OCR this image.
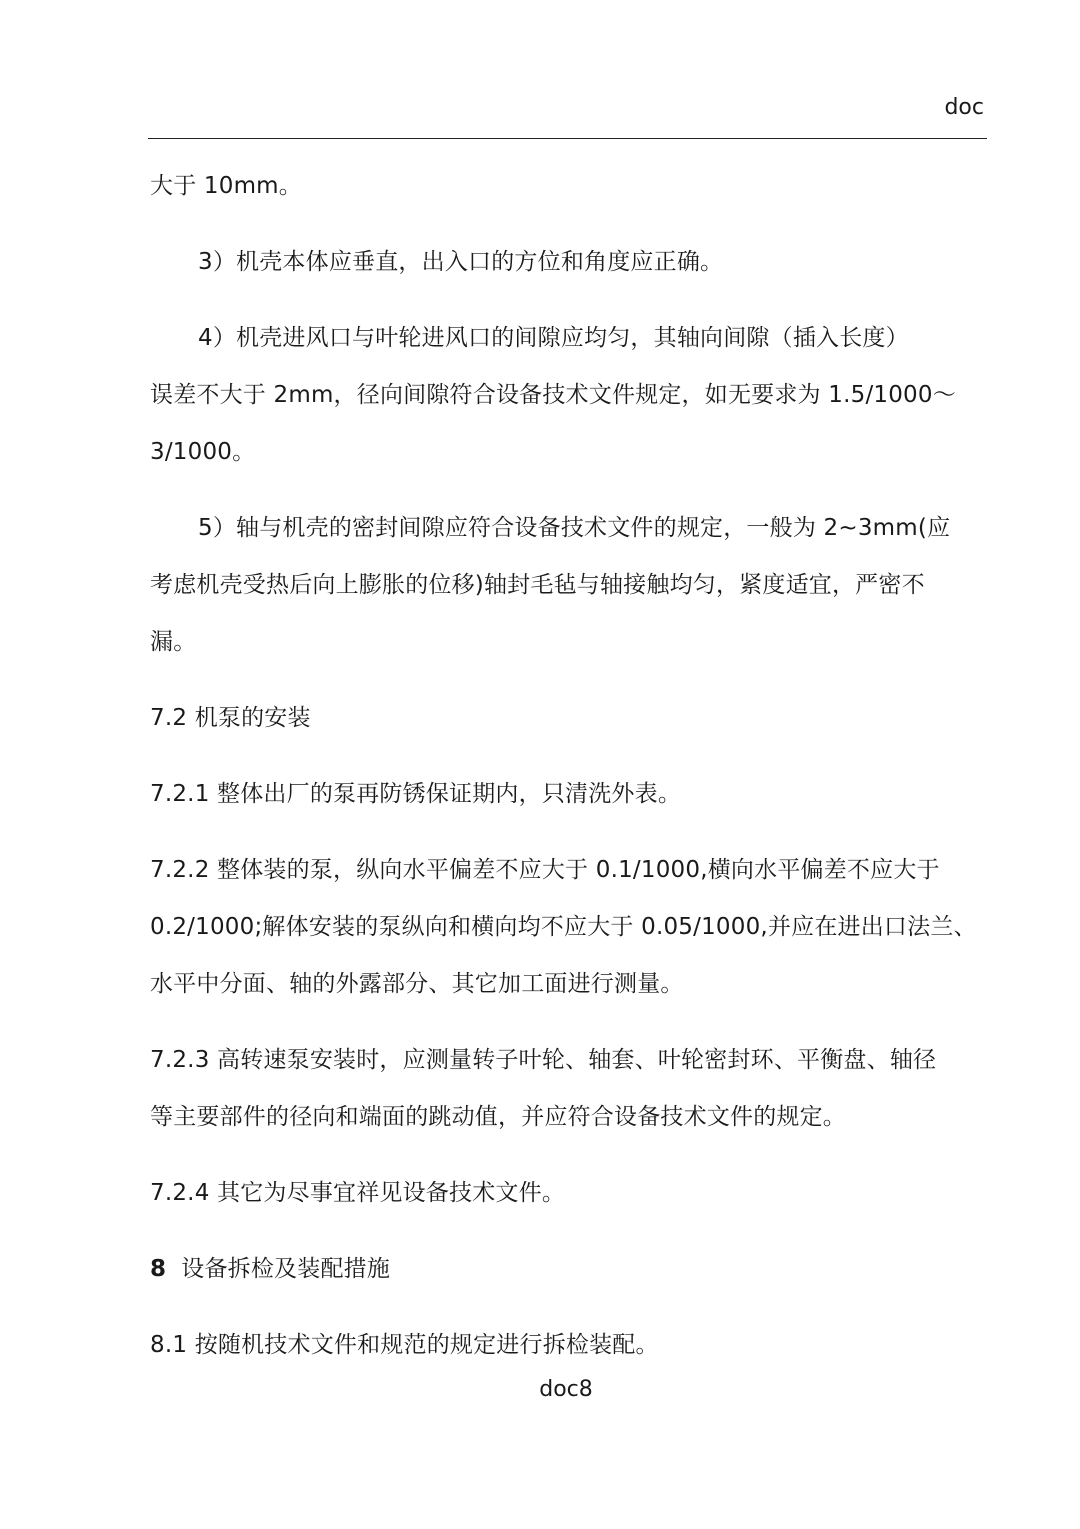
doc

大于 10mm。

3）机壳本体应垂直，出入口的方位和角度应正确。

4）机壳进风口与叶轮进风口的间隙应均匀，其轴向间隙（插入长度）

误差不大于 2mm，径向间隙符合设备技术文件规定，如无要求为 1.5/1000～

3/1000。

5）轴与机壳的密封间隙应符合设备技术文件的规定，一般为 2~3mm(应

考虑机壳受热后向上膨胀的位移)轴封毛毡与轴接触均匀，紧度适宜，严密不

漏。

7.2 机泵的安装

7.2.1 整体出厂的泵再防锈保证期内，只清洗外表。

7.2.2 整体装的泵，纵向水平偏差不应大于 0.1/1000,横向水平偏差不应大于

0.2/1000;解体安装的泵纵向和横向均不应大于 0.05/1000,并应在进出口法兰、

水平中分面、轴的外露部分、其它加工面进行测量。

7.2.3 高转速泵安装时，应测量转子叶轮、轴套、叶轮密封环、平衡盘、轴径

等主要部件的径向和端面的跳动值，并应符合设备技术文件的规定。

7.2.4 其它为尽事宜祥见设备技术文件。

8 设备拆检及装配措施

8.1 按随机技术文件和规范的规定进行拆检装配。

doc8
